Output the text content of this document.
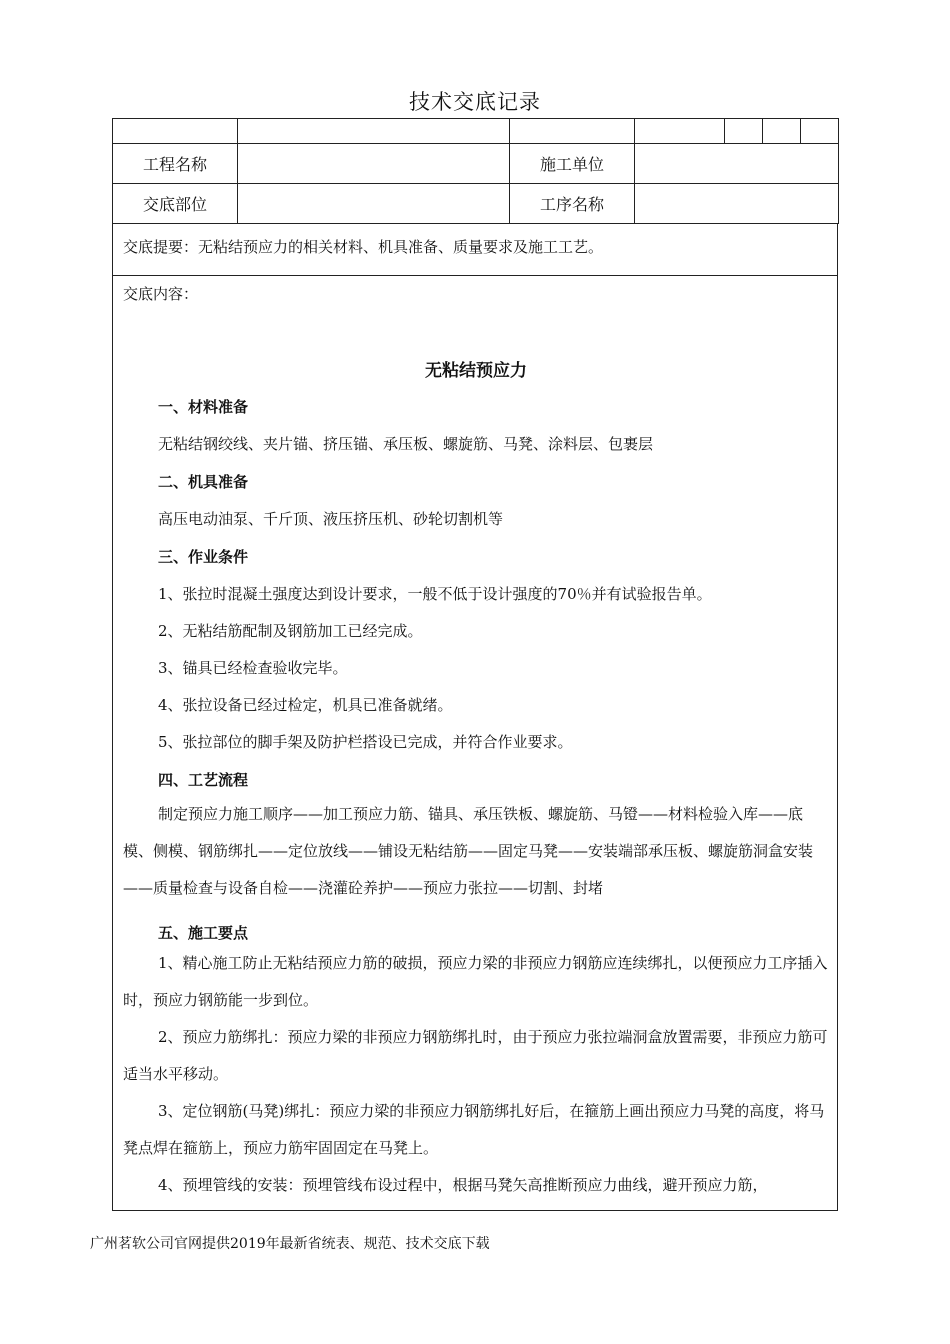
技术交底记录

工程名称		施工单位				
交底部位		工序名称				
交底提要：无粘结预应力的相关材料、机具准备、质量要求及施工工艺。
交底内容：
无粘结预应力
一、材料准备
无粘结钢绞线、夹片锚、挤压锚、承压板、螺旋筋、马凳、涂料层、包裹层
二、机具准备
高压电动油泵、千斤顶、液压挤压机、砂轮切割机等
三、作业条件
1、张拉时混凝土强度达到设计要求，一般不低于设计强度的70％并有试验报告单。
2、无粘结筋配制及钢筋加工已经完成。
3、锚具已经检查验收完毕。
4、张拉设备已经过检定，机具已准备就绪。
5、张拉部位的脚手架及防护栏搭设已完成，并符合作业要求。
四、工艺流程
制定预应力施工顺序——加工预应力筋、锚具、承压铁板、螺旋筋、马镫——材料检验入库——底模、侧模、钢筋绑扎——定位放线——铺设无粘结筋——固定马凳——安装端部承压板、螺旋筋洞盒安装——质量检查与设备自检——浇灌砼养护——预应力张拉——切割、封堵
五、施工要点
1、精心施工防止无粘结预应力筋的破损，预应力梁的非预应力钢筋应连续绑扎，以便预应力工序插入时，预应力钢筋能一步到位。
2、预应力筋绑扎：预应力梁的非预应力钢筋绑扎时，由于预应力张拉端洞盒放置需要，非预应力筋可适当水平移动。
3、定位钢筋(马凳)绑扎：预应力梁的非预应力钢筋绑扎好后，在箍筋上画出预应力马凳的高度，将马凳点焊在箍筋上，预应力筋牢固固定在马凳上。
4、预埋管线的安装：预埋管线布设过程中，根据马凳矢高推断预应力曲线，避开预应力筋，
广州茗软公司官网提供2019年最新省统表、规范、技术交底下载
